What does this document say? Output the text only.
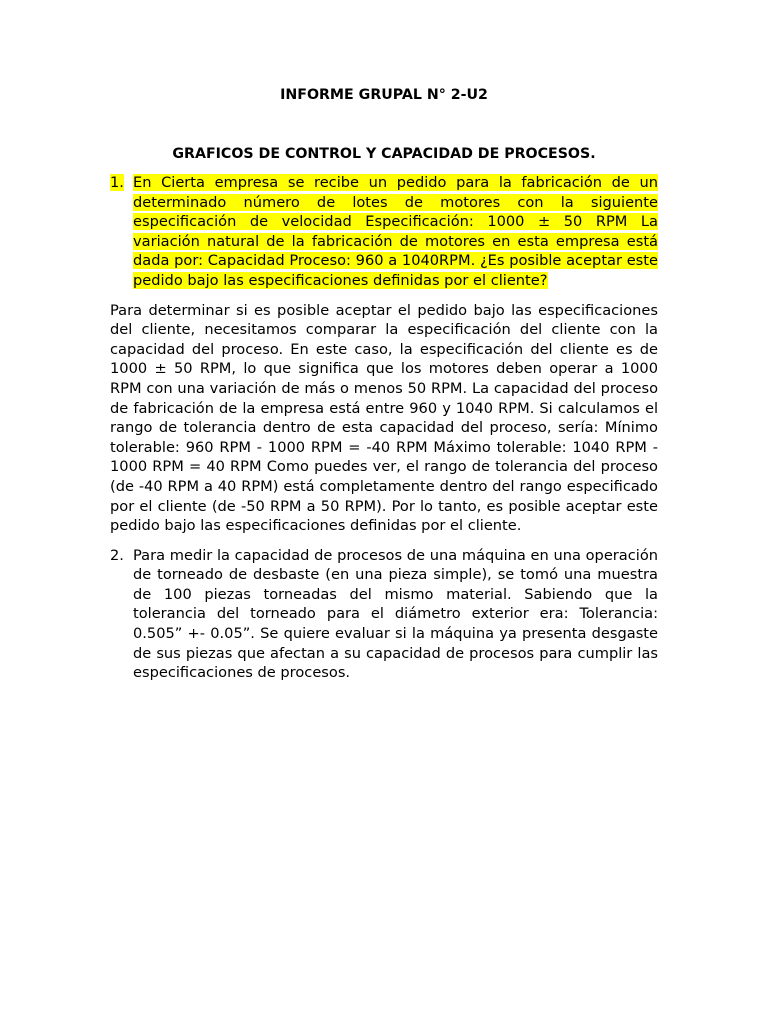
INFORME GRUPAL N° 2-U2
GRAFICOS DE CONTROL Y CAPACIDAD DE PROCESOS.
1. En Cierta empresa se recibe un pedido para la fabricación de un determinado número de lotes de motores con la siguiente especificación de velocidad Especificación: 1000 ± 50 RPM La variación natural de la fabricación de motores en esta empresa está dada por: Capacidad Proceso: 960 a 1040RPM. ¿Es posible aceptar este pedido bajo las especificaciones definidas por el cliente?

Para determinar si es posible aceptar el pedido bajo las especificaciones del cliente, necesitamos comparar la especificación del cliente con la capacidad del proceso. En este caso, la especificación del cliente es de 1000 ± 50 RPM, lo que significa que los motores deben operar a 1000 RPM con una variación de más o menos 50 RPM. La capacidad del proceso de fabricación de la empresa está entre 960 y 1040 RPM. Si calculamos el rango de tolerancia dentro de esta capacidad del proceso, sería: Mínimo tolerable: 960 RPM - 1000 RPM = -40 RPM Máximo tolerable: 1040 RPM - 1000 RPM = 40 RPM Como puedes ver, el rango de tolerancia del proceso (de -40 RPM a 40 RPM) está completamente dentro del rango especificado por el cliente (de -50 RPM a 50 RPM). Por lo tanto, es posible aceptar este pedido bajo las especificaciones definidas por el cliente.

2. Para medir la capacidad de procesos de una máquina en una operación de torneado de desbaste (en una pieza simple), se tomó una muestra de 100 piezas torneadas del mismo material. Sabiendo que la tolerancia del torneado para el diámetro exterior era: Tolerancia: 0.505” +- 0.05”. Se quiere evaluar si la máquina ya presenta desgaste de sus piezas que afectan a su capacidad de procesos para cumplir las especificaciones de procesos.
